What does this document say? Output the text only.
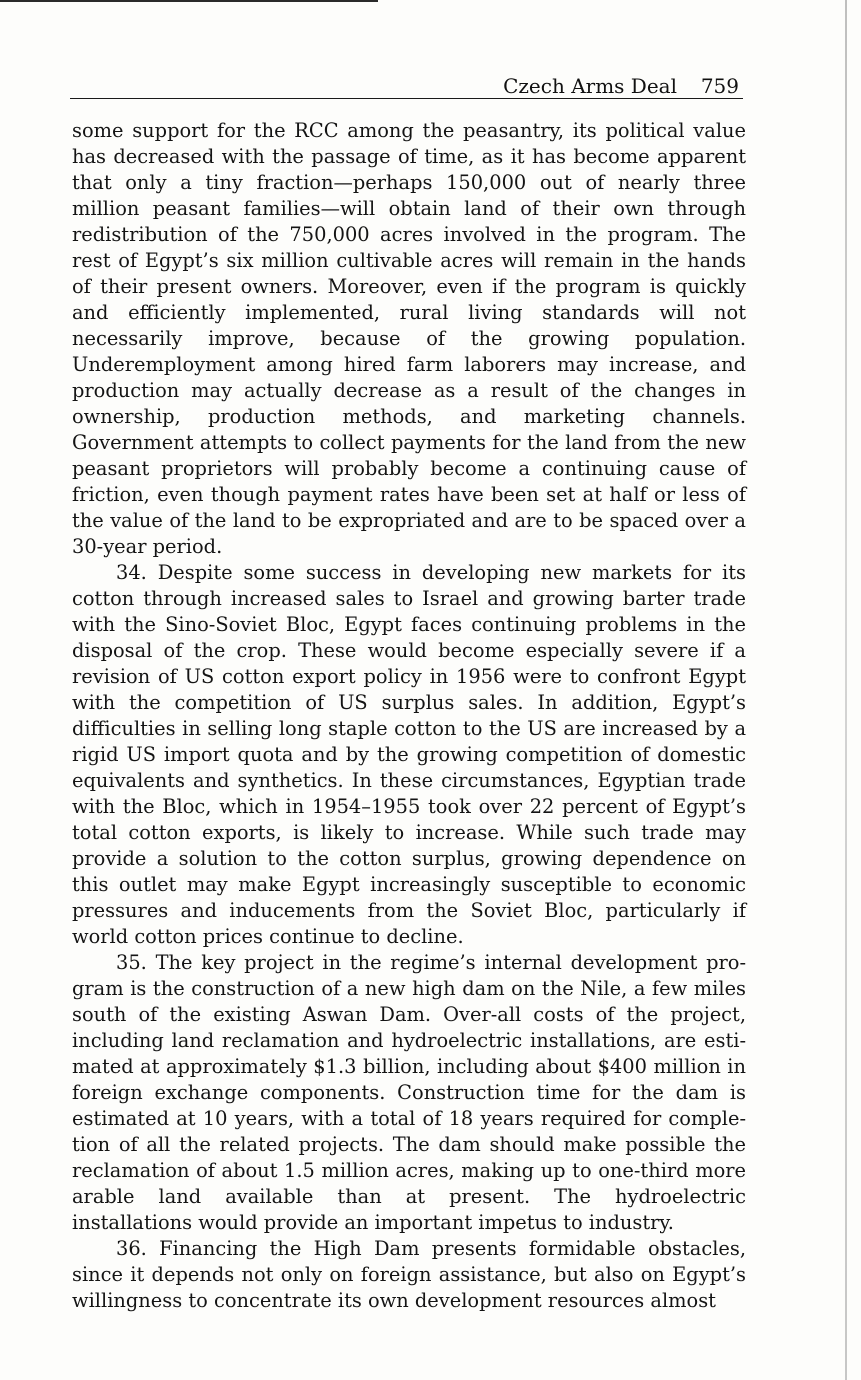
Czech Arms Deal 759

some support for the RCC among the peasantry, its political value has decreased with the passage of time, as it has become apparent that only a tiny fraction—perhaps 150,000 out of nearly three million peasant families—will obtain land of their own through redistribution of the 750,000 acres involved in the program. The rest of Egypt’s six million cultivable acres will remain in the hands of their present owners. Moreover, even if the program is quickly and efficiently implemented, rural living standards will not necessarily improve, because of the growing population. Underemployment among hired farm laborers may increase, and production may actually decrease as a result of the changes in ownership, production methods, and marketing channels. Government attempts to collect payments for the land from the new peasant proprietors will probably become a continuing cause of friction, even though payment rates have been set at half or less of the value of the land to be expropriated and are to be spaced over a 30-year period.

34. Despite some success in developing new markets for its cotton through increased sales to Israel and growing barter trade with the Sino-Soviet Bloc, Egypt faces continuing problems in the disposal of the crop. These would become especially severe if a revision of US cotton export policy in 1956 were to confront Egypt with the competition of US surplus sales. In addition, Egypt’s difficulties in selling long staple cotton to the US are increased by a rigid US import quota and by the growing competition of domestic equivalents and synthetics. In these circumstances, Egyptian trade with the Bloc, which in 1954–1955 took over 22 percent of Egypt’s total cotton exports, is likely to increase. While such trade may provide a solution to the cotton surplus, growing dependence on this outlet may make Egypt increasingly susceptible to economic pressures and inducements from the Soviet Bloc, particularly if world cotton prices continue to decline.

35. The key project in the regime’s internal development program is the construction of a new high dam on the Nile, a few miles south of the existing Aswan Dam. Over-all costs of the project, including land reclamation and hydroelectric installations, are estimated at approximately $1.3 billion, including about $400 million in foreign exchange components. Construction time for the dam is estimated at 10 years, with a total of 18 years required for completion of all the related projects. The dam should make possible the reclamation of about 1.5 million acres, making up to one-third more arable land available than at present. The hydroelectric installations would provide an important impetus to industry.

36. Financing the High Dam presents formidable obstacles, since it depends not only on foreign assistance, but also on Egypt’s willingness to concentrate its own development resources almost
